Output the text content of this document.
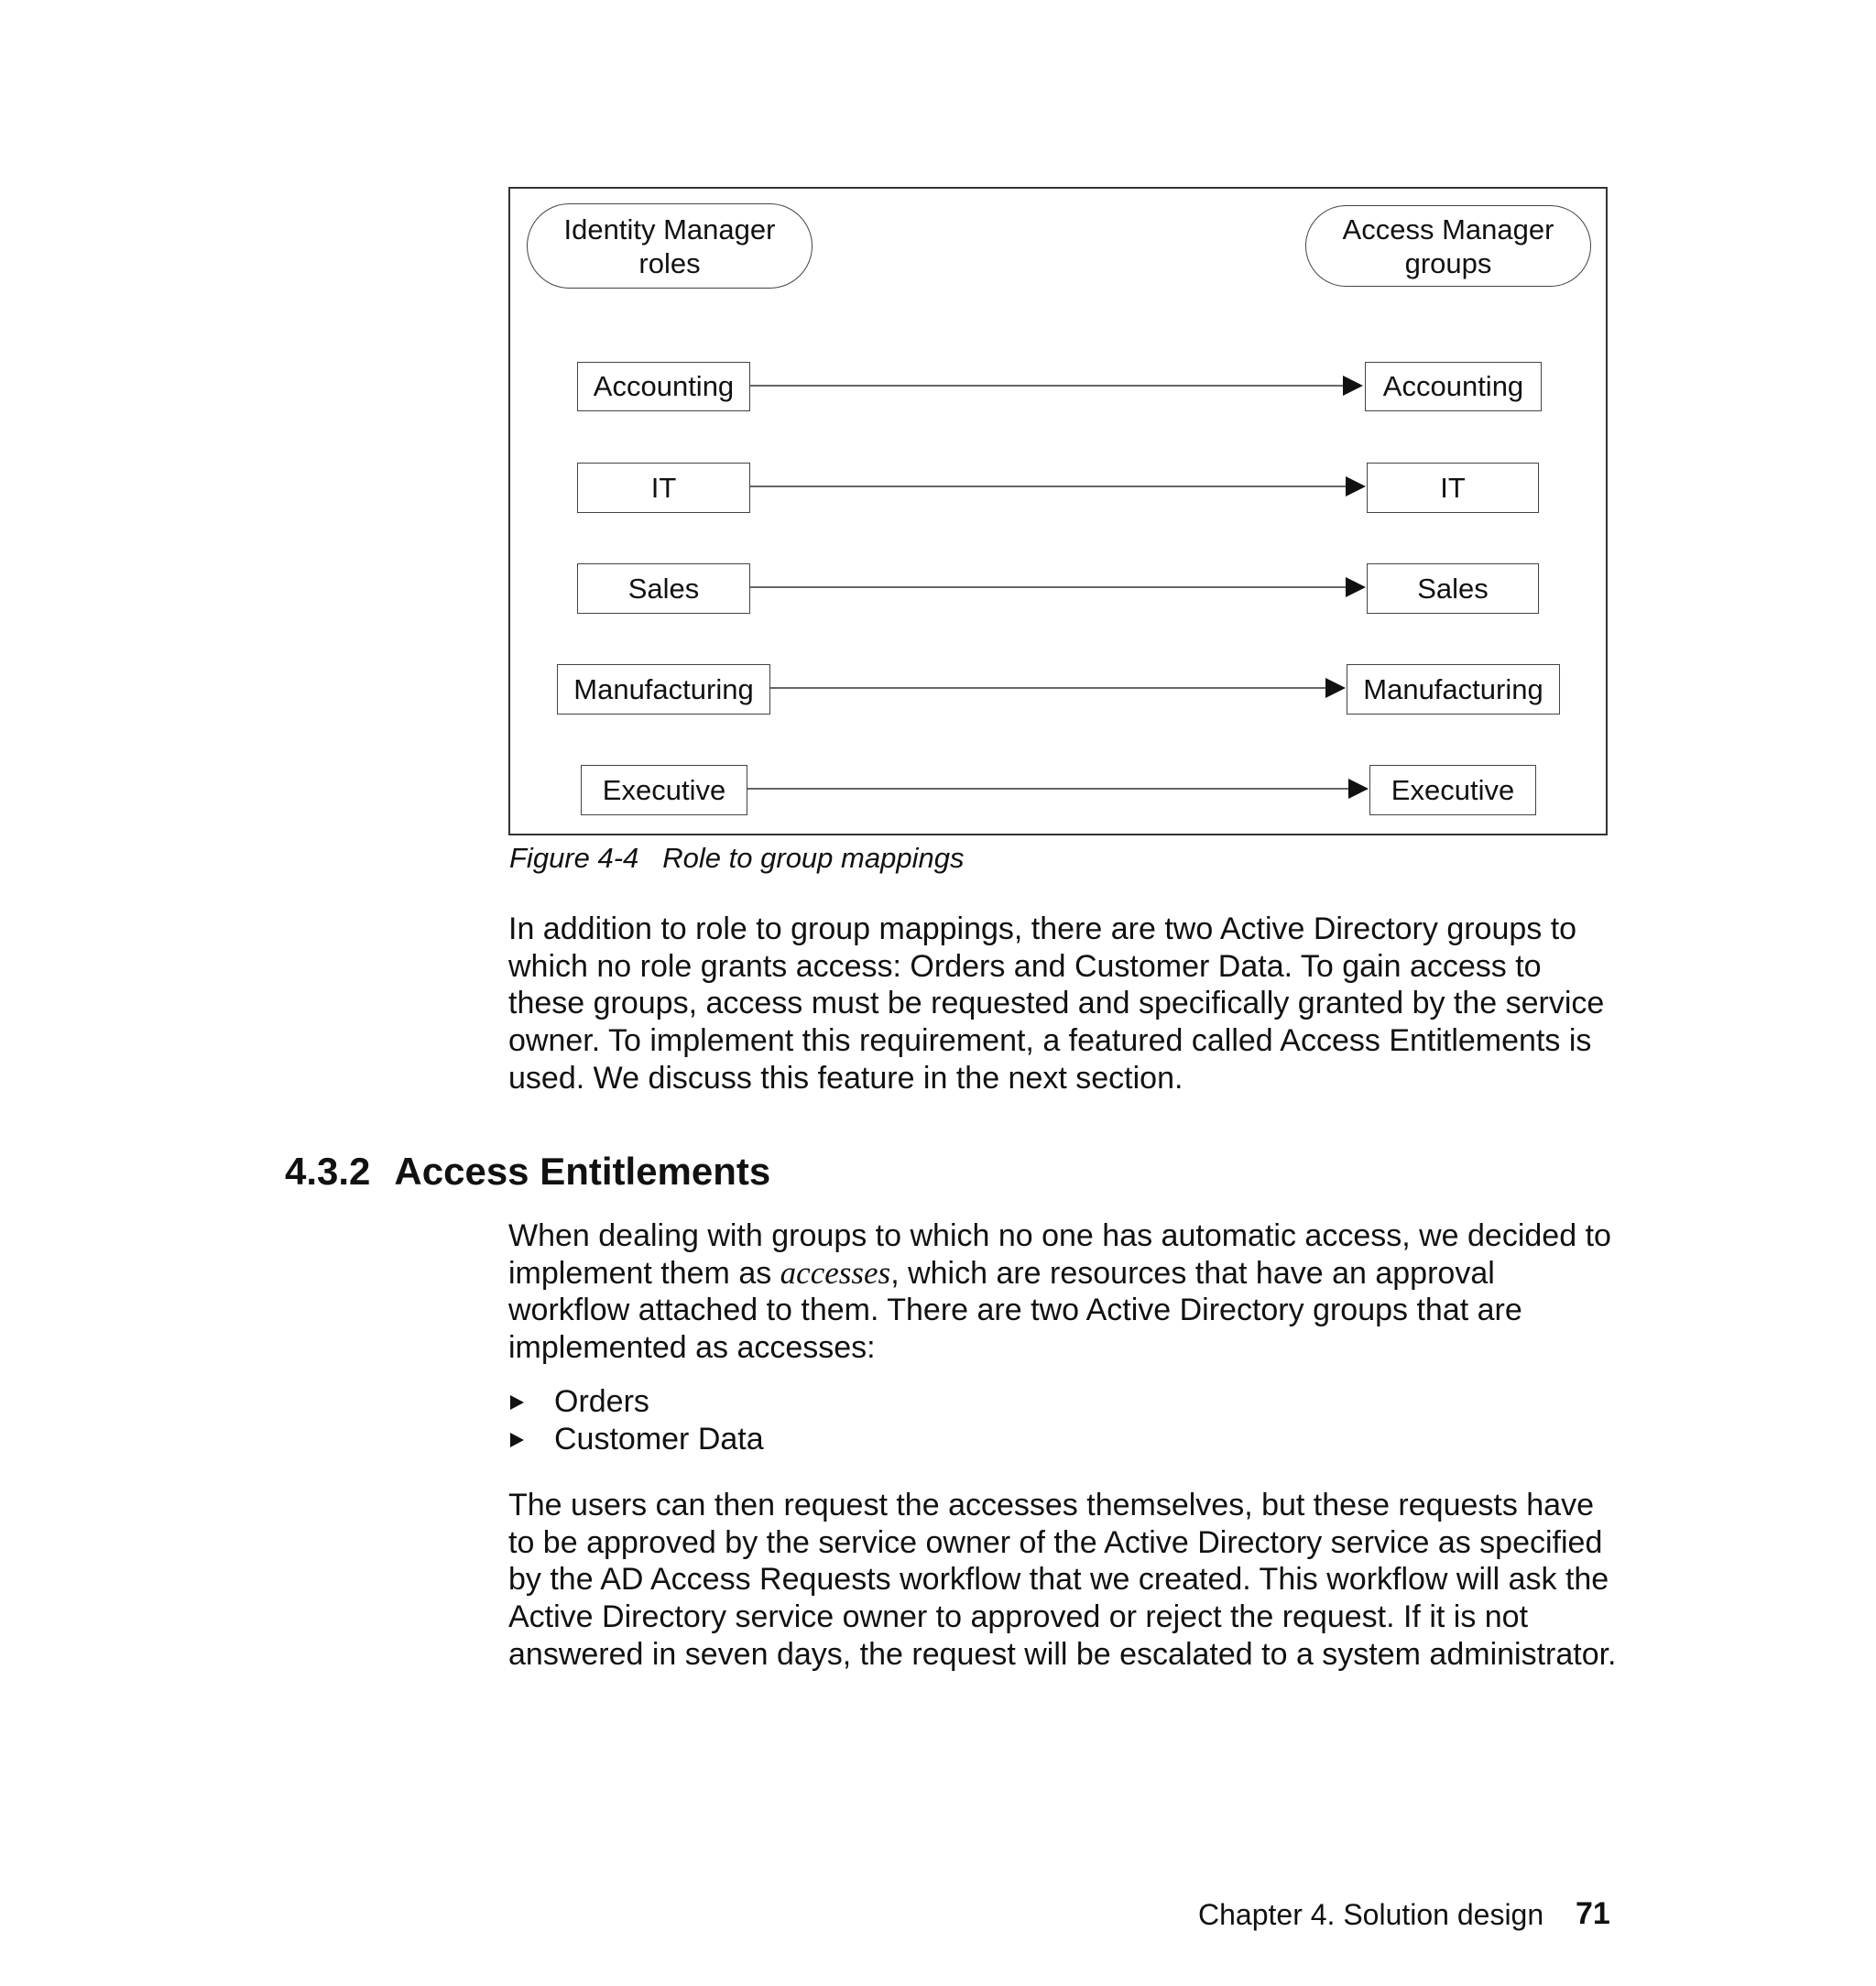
Identity Manager
roles
Access Manager
groups
Accounting
IT
Sales
Manufacturing
Executive
Accounting
IT
Sales
Manufacturing
Executive
Figure 4-4 Role to group mappings
In addition to role to group mappings, there are two Active Directory groups to
which no role grants access: Orders and Customer Data. To gain access to
these groups, access must be requested and specifically granted by the service
owner. To implement this requirement, a featured called Access Entitlements is
used. We discuss this feature in the next section.
4.3.2 Access Entitlements
When dealing with groups to which no one has automatic access, we decided to
implement them as accesses, which are resources that have an approval
workflow attached to them. There are two Active Directory groups that are
implemented as accesses:
Orders
Customer Data
The users can then request the accesses themselves, but these requests have
to be approved by the service owner of the Active Directory service as specified
by the AD Access Requests workflow that we created. This workflow will ask the
Active Directory service owner to approved or reject the request. If it is not
answered in seven days, the request will be escalated to a system administrator.
Chapter 4. Solution design 71
